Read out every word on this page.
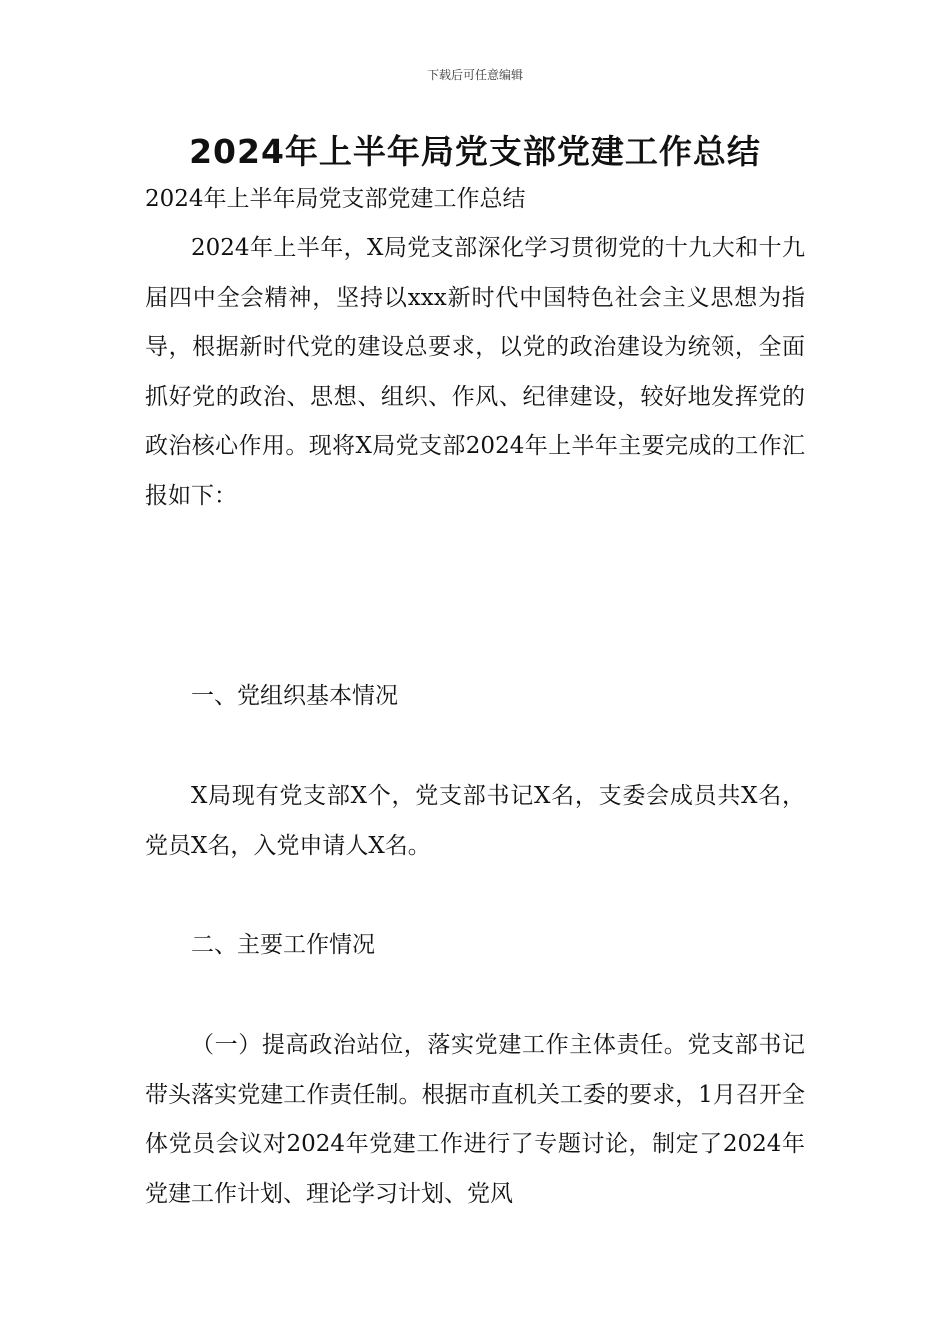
下载后可任意编辑
2024年上半年局党支部党建工作总结
2024年上半年局党支部党建工作总结

2024年上半年，X局党支部深化学习贯彻党的十九大和十九届四中全会精神，坚持以xxx新时代中国特色社会主义思想为指导，根据新时代党的建设总要求，以党的政治建设为统领，全面抓好党的政治、思想、组织、作风、纪律建设，较好地发挥党的政治核心作用。现将X局党支部2024年上半年主要完成的工作汇报如下：

一、党组织基本情况

X局现有党支部X个，党支部书记X名，支委会成员共X名，党员X名，入党申请人X名。

二、主要工作情况

（一）提高政治站位，落实党建工作主体责任。党支部书记带头落实党建工作责任制。根据市直机关工委的要求，1月召开全体党员会议对2024年党建工作进行了专题讨论，制定了2024年党建工作计划、理论学习计划、党风
